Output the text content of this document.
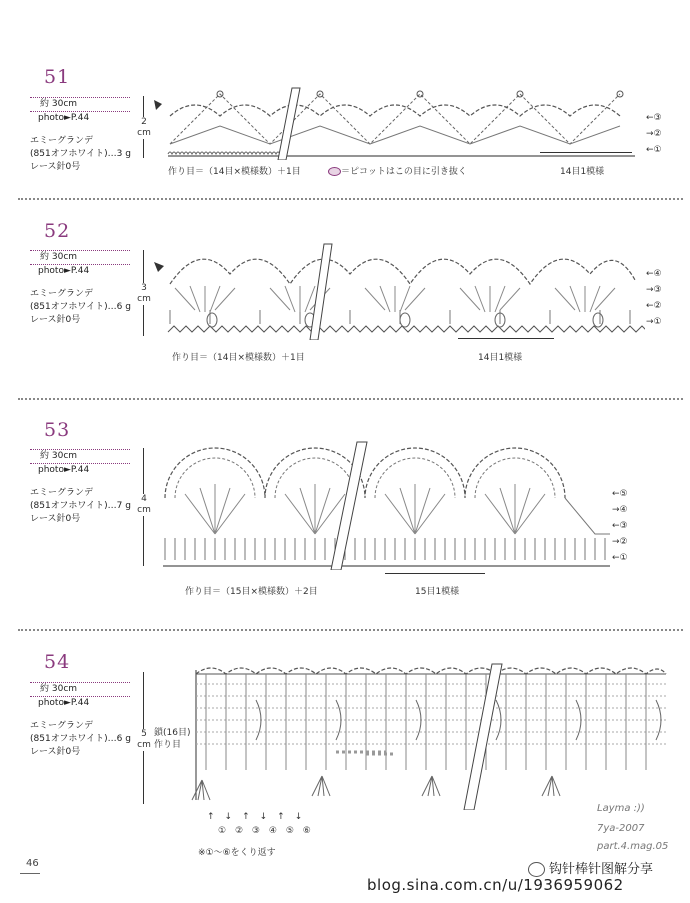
51
約 30cm
photo►P.44
エミーグランデ
(851オフホワイト)…3 g
レース針0号
2
cm
←③
→②
←①
作り目＝（14目×模様数）＋1目	＝ピコットはこの目に引き抜く	14目1模様
52
約 30cm
photo►P.44
エミーグランデ
(851オフホワイト)…6 g
レース針0号
3
cm
←④
→③
←②
→①
作り目＝（14目×模様数）＋1目	14目1模様
53
約 30cm
photo►P.44
エミーグランデ
(851オフホワイト)…7 g
レース針0号
4
cm
←⑤
→④
←③
→②
←①
作り目＝（15目×模様数）＋2目	15目1模様
54
約 30cm
photo►P.44
エミーグランデ
(851オフホワイト)…6 g
レース針0号
5
cm
鎖(16目)
作り目
↑↓↑↓↑↓
① ② ③ ④ ⑤ ⑥
※①～⑥をくり返す
46
Layma :))
7ya-2007
part.4.mag.05
钩针棒针图解分享
blog.sina.com.cn/u/1936959062
